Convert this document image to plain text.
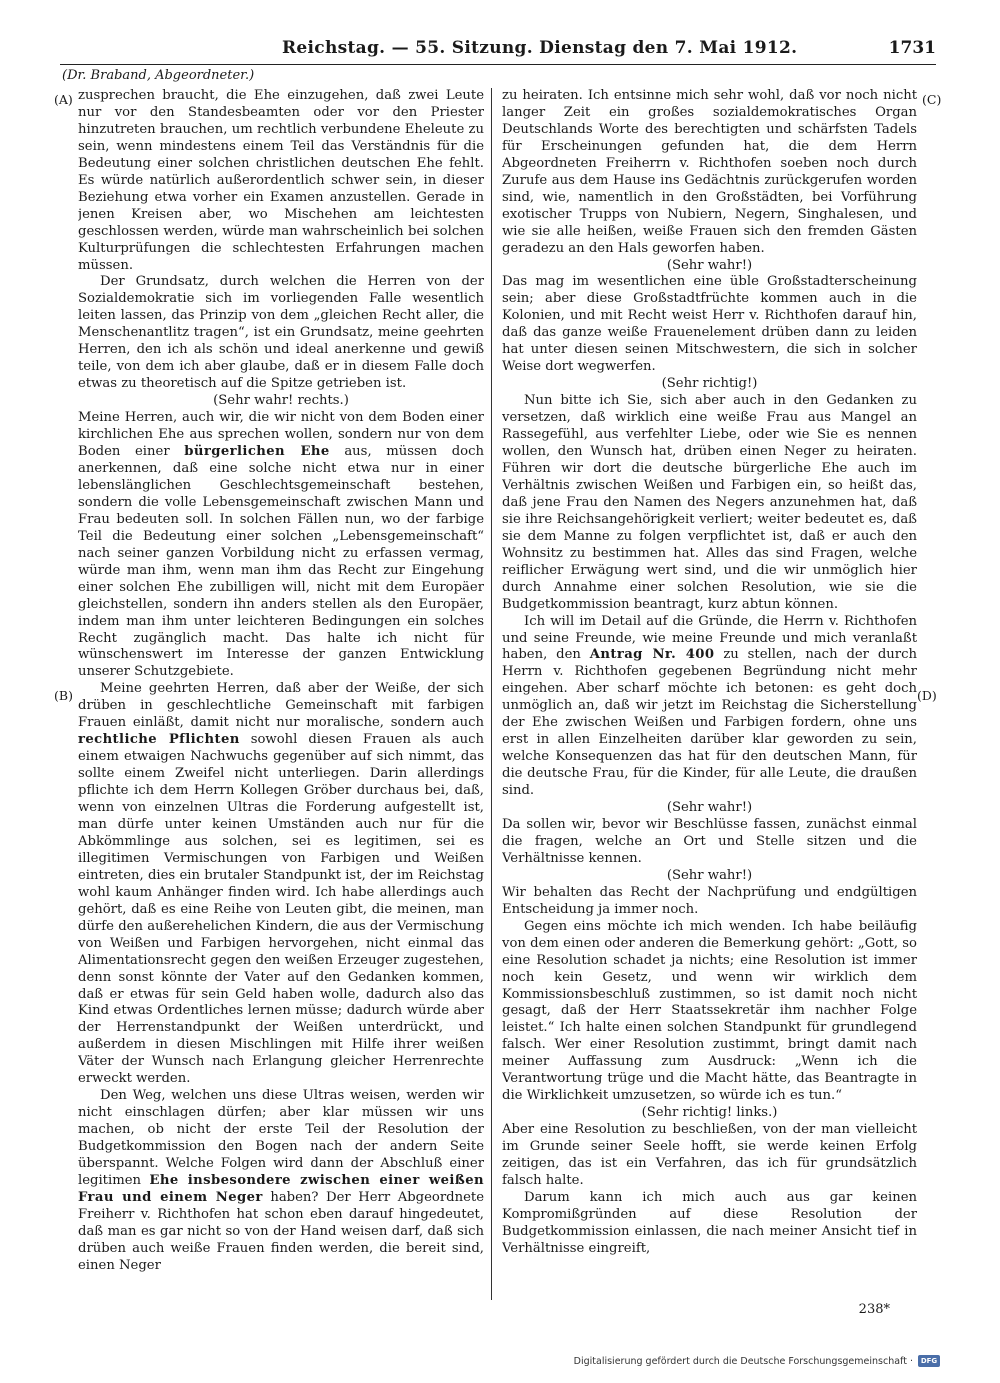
Reichstag. — 55. Sitzung. Dienstag den 7. Mai 1912.	1731
(Dr. Braband, Abgeordneter.)
(A)
(B)
(C)
(D)

zusprechen braucht, die Ehe einzugehen, daß zwei Leute nur vor den Standesbeamten oder vor den Priester hinzutreten brauchen, um rechtlich verbundene Eheleute zu sein, wenn mindestens einem Teil das Verständnis für die Bedeutung einer solchen christlichen deutschen Ehe fehlt. Es würde natürlich außerordentlich schwer sein, in dieser Beziehung etwa vorher ein Examen anzustellen. Gerade in jenen Kreisen aber, wo Mischehen am leichtesten geschlossen werden, würde man wahrscheinlich bei solchen Kulturprüfungen die schlechtesten Erfahrungen machen müssen.

Der Grundsatz, durch welchen die Herren von der Sozialdemokratie sich im vorliegenden Falle wesentlich leiten lassen, das Prinzip von dem „gleichen Recht aller, die Menschenantlitz tragen“, ist ein Grundsatz, meine geehrten Herren, den ich als schön und ideal anerkenne und gewiß teile, von dem ich aber glaube, daß er in diesem Falle doch etwas zu theoretisch auf die Spitze getrieben ist.

(Sehr wahr! rechts.)

Meine Herren, auch wir, die wir nicht von dem Boden einer kirchlichen Ehe aus sprechen wollen, sondern nur von dem Boden einer bürgerlichen Ehe aus, müssen doch anerkennen, daß eine solche nicht etwa nur in einer lebenslänglichen Geschlechtsgemeinschaft bestehen, sondern die volle Lebensgemeinschaft zwischen Mann und Frau bedeuten soll. In solchen Fällen nun, wo der farbige Teil die Bedeutung einer solchen „Lebensgemeinschaft“ nach seiner ganzen Vorbildung nicht zu erfassen vermag, würde man ihm, wenn man ihm das Recht zur Eingehung einer solchen Ehe zubilligen will, nicht mit dem Europäer gleichstellen, sondern ihn anders stellen als den Europäer, indem man ihm unter leichteren Bedingungen ein solches Recht zugänglich macht. Das halte ich nicht für wünschenswert im Interesse der ganzen Entwicklung unserer Schutzgebiete.

Meine geehrten Herren, daß aber der Weiße, der sich drüben in geschlechtliche Gemeinschaft mit farbigen Frauen einläßt, damit nicht nur moralische, sondern auch rechtliche Pflichten sowohl diesen Frauen als auch einem etwaigen Nachwuchs gegenüber auf sich nimmt, das sollte einem Zweifel nicht unterliegen. Darin allerdings pflichte ich dem Herrn Kollegen Gröber durchaus bei, daß, wenn von einzelnen Ultras die Forderung aufgestellt ist, man dürfe unter keinen Umständen auch nur für die Abkömmlinge aus solchen, sei es legitimen, sei es illegitimen Vermischungen von Farbigen und Weißen eintreten, dies ein brutaler Standpunkt ist, der im Reichstag wohl kaum Anhänger finden wird. Ich habe allerdings auch gehört, daß es eine Reihe von Leuten gibt, die meinen, man dürfe den außerehelichen Kindern, die aus der Vermischung von Weißen und Farbigen hervorgehen, nicht einmal das Alimentationsrecht gegen den weißen Erzeuger zugestehen, denn sonst könnte der Vater auf den Gedanken kommen, daß er etwas für sein Geld haben wolle, dadurch also das Kind etwas Ordentliches lernen müsse; dadurch würde aber der Herrenstandpunkt der Weißen unterdrückt, und außerdem in diesen Mischlingen mit Hilfe ihrer weißen Väter der Wunsch nach Erlangung gleicher Herrenrechte erweckt werden.

Den Weg, welchen uns diese Ultras weisen, werden wir nicht einschlagen dürfen; aber klar müssen wir uns machen, ob nicht der erste Teil der Resolution der Budgetkommission den Bogen nach der andern Seite überspannt. Welche Folgen wird dann der Abschluß einer legitimen Ehe insbesondere zwischen einer weißen Frau und einem Neger haben? Der Herr Abgeordnete Freiherr v. Richthofen hat schon eben darauf hingedeutet, daß man es gar nicht so von der Hand weisen darf, daß sich drüben auch weiße Frauen finden werden, die bereit sind, einen Neger

zu heiraten. Ich entsinne mich sehr wohl, daß vor noch nicht langer Zeit ein großes sozialdemokratisches Organ Deutschlands Worte des berechtigten und schärfsten Tadels für Erscheinungen gefunden hat, die dem Herrn Abgeordneten Freiherrn v. Richthofen soeben noch durch Zurufe aus dem Hause ins Gedächtnis zurückgerufen worden sind, wie, namentlich in den Großstädten, bei Vorführung exotischer Trupps von Nubiern, Negern, Singhalesen, und wie sie alle heißen, weiße Frauen sich den fremden Gästen geradezu an den Hals geworfen haben.

(Sehr wahr!)

Das mag im wesentlichen eine üble Großstadterscheinung sein; aber diese Großstadtfrüchte kommen auch in die Kolonien, und mit Recht weist Herr v. Richthofen darauf hin, daß das ganze weiße Frauenelement drüben dann zu leiden hat unter diesen seinen Mitschwestern, die sich in solcher Weise dort wegwerfen.

(Sehr richtig!)

Nun bitte ich Sie, sich aber auch in den Gedanken zu versetzen, daß wirklich eine weiße Frau aus Mangel an Rassegefühl, aus verfehlter Liebe, oder wie Sie es nennen wollen, den Wunsch hat, drüben einen Neger zu heiraten. Führen wir dort die deutsche bürgerliche Ehe auch im Verhältnis zwischen Weißen und Farbigen ein, so heißt das, daß jene Frau den Namen des Negers anzunehmen hat, daß sie ihre Reichsangehörigkeit verliert; weiter bedeutet es, daß sie dem Manne zu folgen verpflichtet ist, daß er auch den Wohnsitz zu bestimmen hat. Alles das sind Fragen, welche reiflicher Erwägung wert sind, und die wir unmöglich hier durch Annahme einer solchen Resolution, wie sie die Budgetkommission beantragt, kurz abtun können.

Ich will im Detail auf die Gründe, die Herrn v. Richthofen und seine Freunde, wie meine Freunde und mich veranlaßt haben, den Antrag Nr. 400 zu stellen, nach der durch Herrn v. Richthofen gegebenen Begründung nicht mehr eingehen. Aber scharf möchte ich betonen: es geht doch unmöglich an, daß wir jetzt im Reichstag die Sicherstellung der Ehe zwischen Weißen und Farbigen fordern, ohne uns erst in allen Einzelheiten darüber klar geworden zu sein, welche Konsequenzen das hat für den deutschen Mann, für die deutsche Frau, für die Kinder, für alle Leute, die draußen sind.

(Sehr wahr!)

Da sollen wir, bevor wir Beschlüsse fassen, zunächst einmal die fragen, welche an Ort und Stelle sitzen und die Verhältnisse kennen.

(Sehr wahr!)

Wir behalten das Recht der Nachprüfung und endgültigen Entscheidung ja immer noch.

Gegen eins möchte ich mich wenden. Ich habe beiläufig von dem einen oder anderen die Bemerkung gehört: „Gott, so eine Resolution schadet ja nichts; eine Resolution ist immer noch kein Gesetz, und wenn wir wirklich dem Kommissionsbeschluß zustimmen, so ist damit noch nicht gesagt, daß der Herr Staatssekretär ihm nachher Folge leistet.“ Ich halte einen solchen Standpunkt für grundlegend falsch. Wer einer Resolution zustimmt, bringt damit nach meiner Auffassung zum Ausdruck: „Wenn ich die Verantwortung trüge und die Macht hätte, das Beantragte in die Wirklichkeit umzusetzen, so würde ich es tun.“

(Sehr richtig! links.)

Aber eine Resolution zu beschließen, von der man vielleicht im Grunde seiner Seele hofft, sie werde keinen Erfolg zeitigen, das ist ein Verfahren, das ich für grundsätzlich falsch halte.

Darum kann ich mich auch aus gar keinen Kompromißgründen auf diese Resolution der Budgetkommission einlassen, die nach meiner Ansicht tief in Verhältnisse eingreift,

238*
Digitalisierung gefördert durch die Deutsche Forschungsgemeinschaft ·	DFG
